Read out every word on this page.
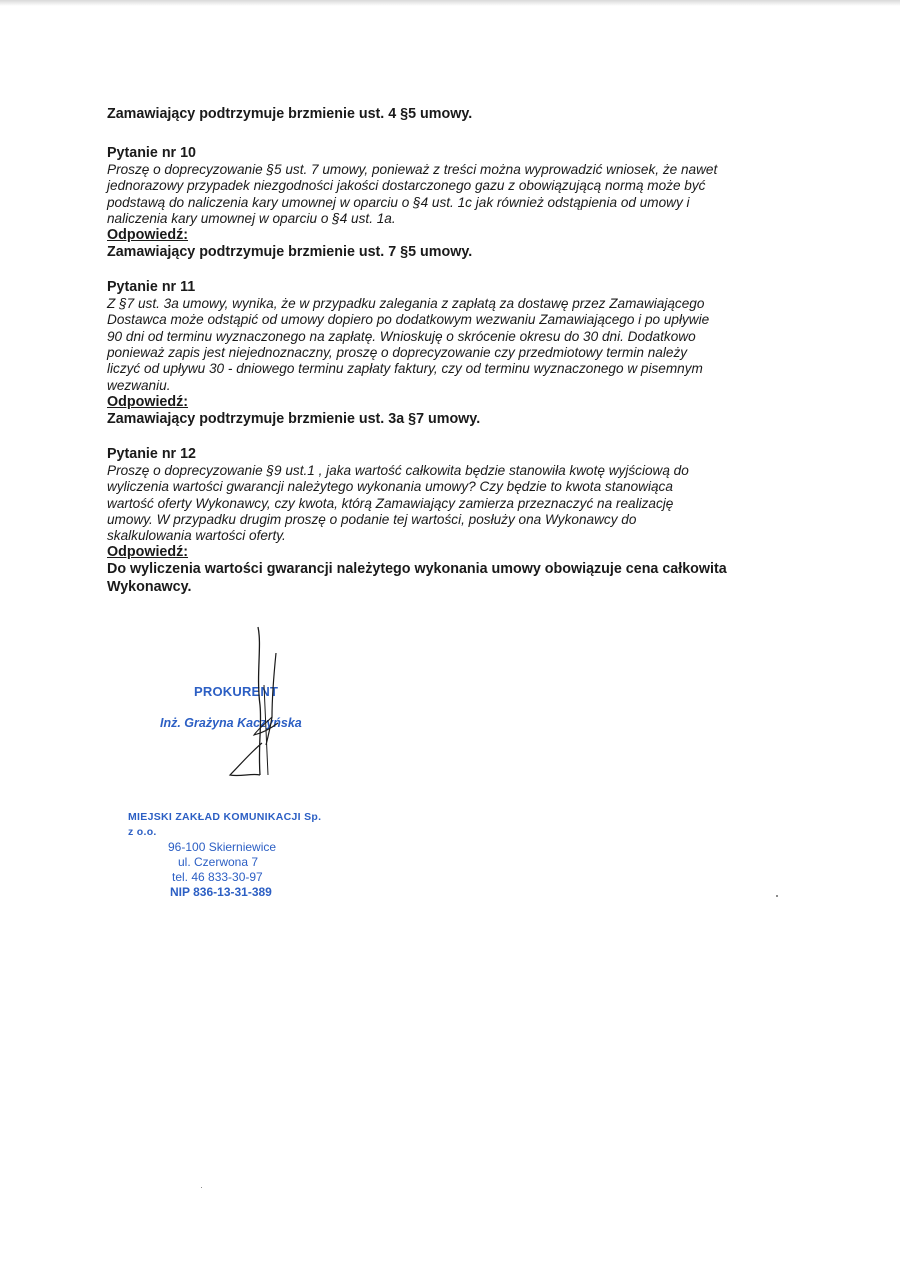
Zamawiający podtrzymuje brzmienie ust. 4 §5 umowy.

Pytanie nr 10

Proszę o doprecyzowanie §5 ust. 7 umowy, ponieważ z treści można wyprowadzić wniosek, że nawet

jednorazowy przypadek niezgodności jakości dostarczonego gazu z obowiązującą normą może być

podstawą do naliczenia kary umownej w oparciu o §4 ust. 1c jak również odstąpienia od umowy i

naliczenia kary umownej w oparciu o §4 ust. 1a.

Odpowiedź:

Zamawiający podtrzymuje brzmienie ust. 7 §5 umowy.

Pytanie nr 11

Z §7 ust. 3a umowy, wynika, że w przypadku zalegania z zapłatą za dostawę przez Zamawiającego

Dostawca może odstąpić od umowy dopiero po dodatkowym wezwaniu Zamawiającego i po upływie

90 dni od terminu wyznaczonego na zapłatę. Wnioskuję o skrócenie okresu do 30 dni. Dodatkowo

ponieważ zapis jest niejednoznaczny, proszę o doprecyzowanie czy przedmiotowy termin należy

liczyć od upływu 30 - dniowego terminu zapłaty faktury, czy od terminu wyznaczonego w pisemnym

wezwaniu.

Odpowiedź:

Zamawiający podtrzymuje brzmienie ust. 3a §7 umowy.

Pytanie nr 12

Proszę o doprecyzowanie §9 ust.1 , jaka wartość całkowita będzie stanowiła kwotę wyjściową do

wyliczenia wartości gwarancji należytego wykonania umowy? Czy będzie to kwota stanowiąca

wartość oferty Wykonawcy, czy kwota, którą Zamawiający zamierza przeznaczyć na realizację

umowy. W przypadku drugim proszę o podanie tej wartości, posłuży ona Wykonawcy do

skalkulowania wartości oferty.

Odpowiedź:

Do wyliczenia wartości gwarancji należytego wykonania umowy obowiązuje cena całkowita

Wykonawcy.

PROKURENT
Inż. Grażyna Kaczyńska
MIEJSKI ZAKŁAD KOMUNIKACJI Sp. z o.o.
96-100 Skierniewice
ul. Czerwona 7
tel. 46 833-30-97
NIP 836-13-31-389
